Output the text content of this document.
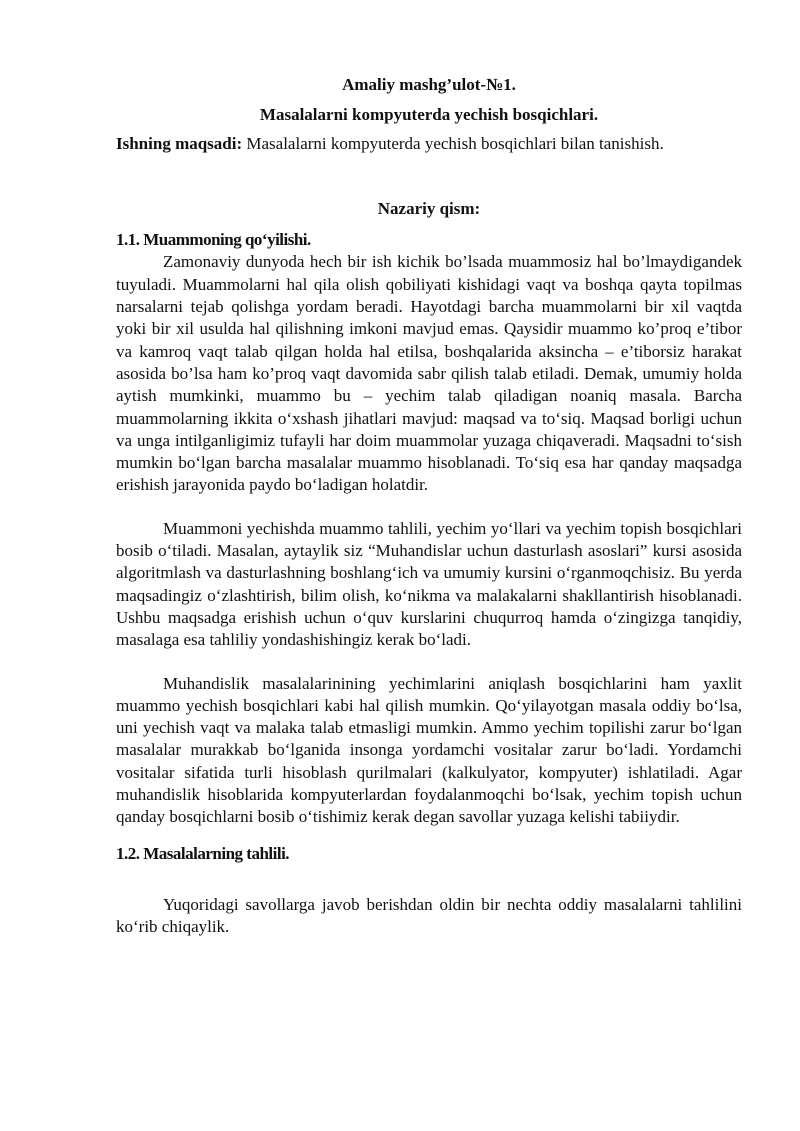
Amaliy mashg’ulot-№1.

Masalalarni kompyuterda yechish bosqichlari.

Ishning maqsadi: Masalalarni kompyuterda yechish bosqichlari bilan tanishish.

Nazariy qism:

1.1. Muammoning qo‘yilishi.

Zamonaviy dunyoda hech bir ish kichik bo’lsada muammosiz hal bo’lmaydigandek tuyuladi. Muammolarni hal qila olish qobiliyati kishidagi vaqt va boshqa qayta topilmas narsalarni tejab qolishga yordam beradi. Hayotdagi barcha muammolarni bir xil vaqtda yoki bir xil usulda hal qilishning imkoni mavjud emas. Qaysidir muammo ko’proq e’tibor va kamroq vaqt talab qilgan holda hal etilsa, boshqalarida aksincha – e’tiborsiz harakat asosida bo’lsa ham ko’proq vaqt davomida sabr qilish talab etiladi. Demak, umumiy holda aytish mumkinki, muammo bu – yechim talab qiladigan noaniq masala. Barcha muammolarning ikkita o‘xshash jihatlari mavjud: maqsad va to‘siq. Maqsad borligi uchun va unga intilganligimiz tufayli har doim muammolar yuzaga chiqaveradi. Maqsadni to‘sish mumkin bo‘lgan barcha masalalar muammo hisoblanadi. To‘siq esa har qanday maqsadga erishish jarayonida paydo bo‘ladigan holatdir.

Muammoni yechishda muammo tahlili, yechim yo‘llari va yechim topish bosqichlari bosib o‘tiladi. Masalan, aytaylik siz “Muhandislar uchun dasturlash asoslari” kursi asosida algoritmlash va dasturlashning boshlang‘ich va umumiy kursini o‘rganmoqchisiz. Bu yerda maqsadingiz o‘zlashtirish, bilim olish, ko‘nikma va malakalarni shakllantirish hisoblanadi. Ushbu maqsadga erishish uchun o‘quv kurslarini chuqurroq hamda o‘zingizga tanqidiy, masalaga esa tahliliy yondashishingiz kerak bo‘ladi.

Muhandislik masalalarinining yechimlarini aniqlash bosqichlarini ham yaxlit muammo yechish bosqichlari kabi hal qilish mumkin. Qo‘yilayotgan masala oddiy bo‘lsa, uni yechish vaqt va malaka talab etmasligi mumkin. Ammo yechim topilishi zarur bo‘lgan masalalar murakkab bo‘lganida insonga yordamchi vositalar zarur bo‘ladi. Yordamchi vositalar sifatida turli hisoblash qurilmalari (kalkulyator, kompyuter) ishlatiladi. Agar muhandislik hisoblarida kompyuterlardan foydalanmoqchi bo‘lsak, yechim topish uchun qanday bosqichlarni bosib o‘tishimiz kerak degan savollar yuzaga kelishi tabiiydir.

1.2. Masalalarning tahlili.

Yuqoridagi savollarga javob berishdan oldin bir nechta oddiy masalalarni tahlilini ko‘rib chiqaylik.
